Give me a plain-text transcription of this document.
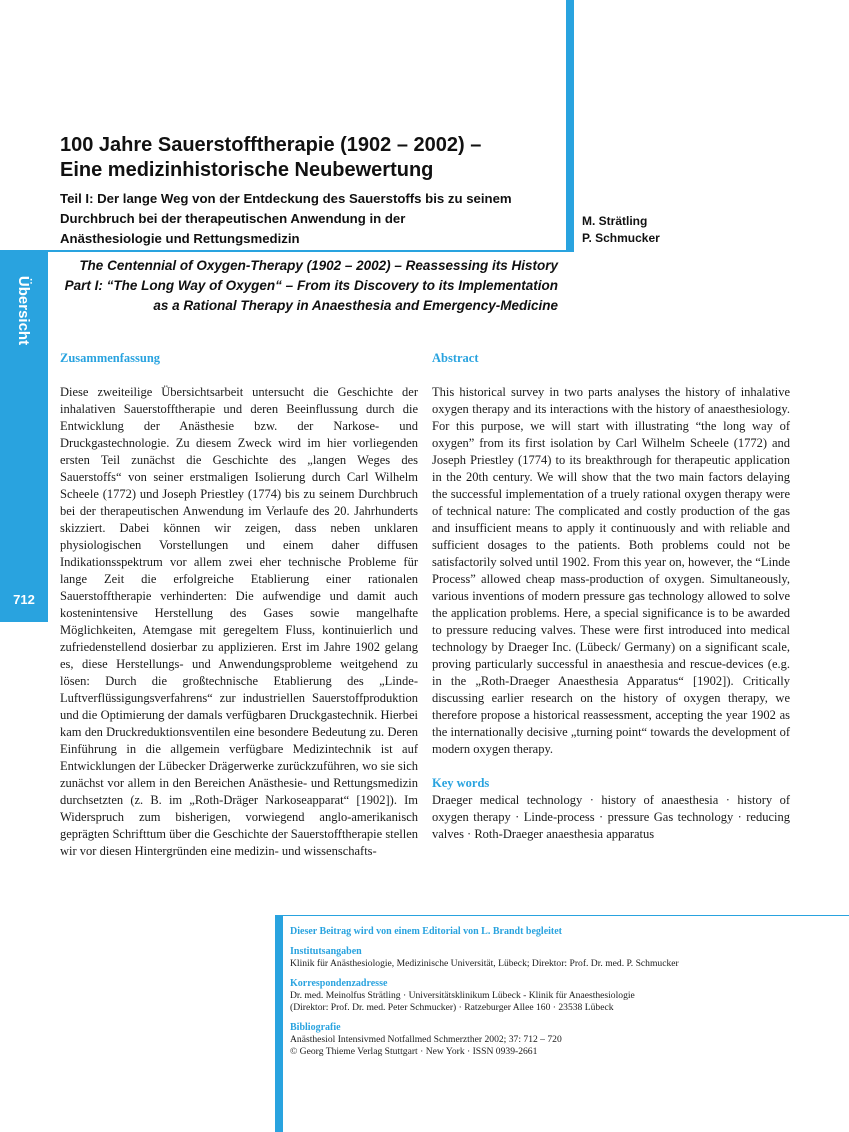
Übersicht
712
100 Jahre Sauerstofftherapie (1902 – 2002) –
Eine medizinhistorische Neubewertung
Teil I: Der lange Weg von der Entdeckung des Sauerstoffs bis zu seinem
Durchbruch bei der therapeutischen Anwendung in der
Anästhesiologie und Rettungsmedizin
M. Strätling
P. Schmucker
The Centennial of Oxygen-Therapy (1902 – 2002) – Reassessing its History
Part I: “The Long Way of Oxygen“ – From its Discovery to its Implementation
as a Rational Therapy in Anaesthesia and Emergency-Medicine
Zusammenfassung

Diese zweiteilige Übersichtsarbeit untersucht die Geschichte der inhalativen Sauerstofftherapie und deren Beeinflussung durch die Entwicklung der Anästhesie bzw. der Narkose- und Druckgastechnologie. Zu diesem Zweck wird im hier vorliegenden ersten Teil zunächst die Geschichte des „langen Weges des Sauerstoffs“ von seiner erstmaligen Isolierung durch Carl Wilhelm Scheele (1772) und Joseph Priestley (1774) bis zu seinem Durchbruch bei der therapeutischen Anwendung im Verlaufe des 20. Jahrhunderts skizziert. Dabei können wir zeigen, dass neben unklaren physiologischen Vorstellungen und einem daher diffusen Indikationsspektrum vor allem zwei eher technische Probleme für lange Zeit die erfolgreiche Etablierung einer rationalen Sauerstofftherapie verhinderten: Die aufwendige und damit auch kostenintensive Herstellung des Gases sowie mangelhafte Möglichkeiten, Atemgase mit geregeltem Fluss, kontinuierlich und zufriedenstellend dosierbar zu applizieren. Erst im Jahre 1902 gelang es, diese Herstellungs- und Anwendungsprobleme weitgehend zu lösen: Durch die großtechnische Etablierung des „Linde-Luftverflüssigungsverfahrens“ zur industriellen Sauerstoffproduktion und die Optimierung der damals verfügbaren Druckgastechnik. Hierbei kam den Druckreduktionsventilen eine besondere Bedeutung zu. Deren Einführung in die allgemein verfügbare Medizintechnik ist auf Entwicklungen der Lübecker Drägerwerke zurückzuführen, wo sie sich zunächst vor allem in den Bereichen Anästhesie- und Rettungsmedizin durchsetzten (z. B. im „Roth-Dräger Narkoseapparat“ [1902]). Im Widerspruch zum bisherigen, vorwiegend anglo-amerikanisch geprägten Schrifttum über die Geschichte der Sauerstofftherapie stellen wir vor diesen Hintergründen eine medizin- und wissenschafts-

Abstract

This historical survey in two parts analyses the history of inhalative oxygen therapy and its interactions with the history of anaesthesiology. For this purpose, we will start with illustrating “the long way of oxygen” from its first isolation by Carl Wilhelm Scheele (1772) and Joseph Priestley (1774) to its breakthrough for therapeutic application in the 20th century. We will show that the two main factors delaying the successful implementation of a truely rational oxygen therapy were of technical nature: The complicated and costly production of the gas and insufficient means to apply it continuously and with reliable and sufficient dosages to the patients. Both problems could not be satisfactorily solved until 1902. From this year on, however, the “Linde Process” allowed cheap mass-production of oxygen. Simultaneously, various inventions of modern pressure gas technology allowed to solve the application problems. Here, a special significance is to be awarded to pressure reducing valves. These were first introduced into medical technology by Draeger Inc. (Lübeck/ Germany) on a significant scale, proving particularly successful in anaesthesia and rescue-devices (e.g. in the „Roth-Draeger Anaesthesia Apparatus“ [1902]). Critically discussing earlier research on the history of oxygen therapy, we therefore propose a historical reassessment, accepting the year 1902 as the internationally decisive „turning point“ towards the development of modern oxygen therapy.

Key words

Draeger medical technology · history of anaesthesia · history of oxygen therapy · Linde-process · pressure Gas technology · reducing valves · Roth-Draeger anaesthesia apparatus

Dieser Beitrag wird von einem Editorial von L. Brandt begleitet
Institutsangaben
Klinik für Anästhesiologie, Medizinische Universität, Lübeck; Direktor: Prof. Dr. med. P. Schmucker
Korrespondenzadresse
Dr. med. Meinolfus Strätling · Universitätsklinikum Lübeck - Klinik für Anaesthesiologie
(Direktor: Prof. Dr. med. Peter Schmucker) · Ratzeburger Allee 160 · 23538 Lübeck
Bibliografie
Anästhesiol Intensivmed Notfallmed Schmerzther 2002; 37: 712 – 720
© Georg Thieme Verlag Stuttgart · New York · ISSN 0939-2661
